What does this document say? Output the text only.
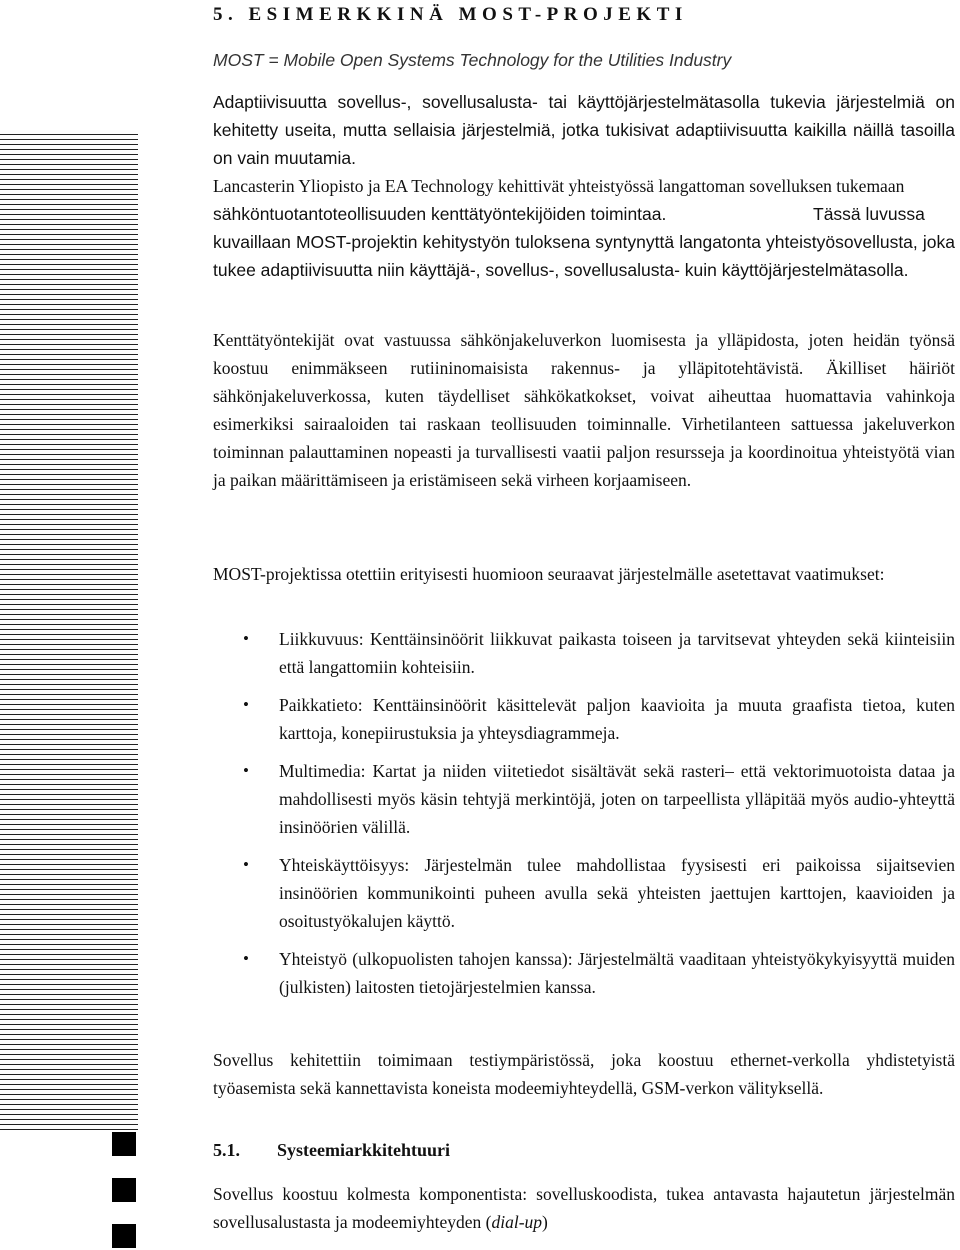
5. ESIMERKKINÄ MOST-PROJEKTI

MOST = Mobile Open Systems Technology for the Utilities Industry

Adaptiivisuutta sovellus-, sovellusalusta- tai käyttöjärjestelmätasolla tukevia järjestelmiä on kehitetty useita, mutta sellaisia järjestelmiä, jotka tukisivat adaptiivisuutta kaikilla näillä tasoilla on vain muutamia.

Lancasterin Yliopisto ja EA Technology kehittivät yhteistyössä langattoman sovelluksen tukemaan

sähköntuotantoteollisuuden kenttätyöntekijöiden toimintaa.	Tässä luvussa

kuvaillaan MOST-projektin kehitystyön tuloksena syntynyttä langatonta yhteistyösovellusta, joka tukee adaptiivisuutta niin käyttäjä-, sovellus-, sovellusalusta- kuin käyttöjärjestelmätasolla.

Kenttätyöntekijät ovat vastuussa sähkönjakeluverkon luomisesta ja ylläpidosta, joten heidän työnsä koostuu enimmäkseen rutiininomaisista rakennus- ja ylläpitotehtävistä. Äkilliset häiriöt sähkönjakeluverkossa, kuten täydelliset sähkökatkokset, voivat aiheuttaa huomattavia vahinkoja esimerkiksi sairaaloiden tai raskaan teollisuuden toiminnalle. Virhetilanteen sattuessa jakeluverkon toiminnan palauttaminen nopeasti ja turvallisesti vaatii paljon resursseja ja koordinoitua yhteistyötä vian ja paikan määrittämiseen ja eristämiseen sekä virheen korjaamiseen.

MOST-projektissa otettiin erityisesti huomioon seuraavat järjestelmälle asetettavat vaatimukset:

• Liikkuvuus: Kenttäinsinöörit liikkuvat paikasta toiseen ja tarvitsevat yhteyden sekä kiinteisiin että langattomiin kohteisiin.
• Paikkatieto: Kenttäinsinöörit käsittelevät paljon kaavioita ja muuta graafista tietoa, kuten karttoja, konepiirustuksia ja yhteysdiagrammeja.
• Multimedia: Kartat ja niiden viitetiedot sisältävät sekä rasteri– että vektorimuotoista dataa ja mahdollisesti myös käsin tehtyjä merkintöjä, joten on tarpeellista ylläpitää myös audio-yhteyttä insinöörien välillä.
• Yhteiskäyttöisyys: Järjestelmän tulee mahdollistaa fyysisesti eri paikoissa sijaitsevien insinöörien kommunikointi puheen avulla sekä yhteisten jaettujen karttojen, kaavioiden ja osoitustyökalujen käyttö.
• Yhteistyö (ulkopuolisten tahojen kanssa): Järjestelmältä vaaditaan yhteistyökykyisyyttä muiden (julkisten) laitosten tietojärjestelmien kanssa.

Sovellus kehitettiin toimimaan testiympäristössä, joka koostuu ethernet-verkolla yhdistetyistä työasemista sekä kannettavista koneista modeemiyhteydellä, GSM-verkon välityksellä.

5.1. Systeemiarkkitehtuuri

Sovellus koostuu kolmesta komponentista: sovelluskoodista, tukea antavasta hajautetun järjestelmän sovellusalustasta ja modeemiyhteyden (dial-up)
